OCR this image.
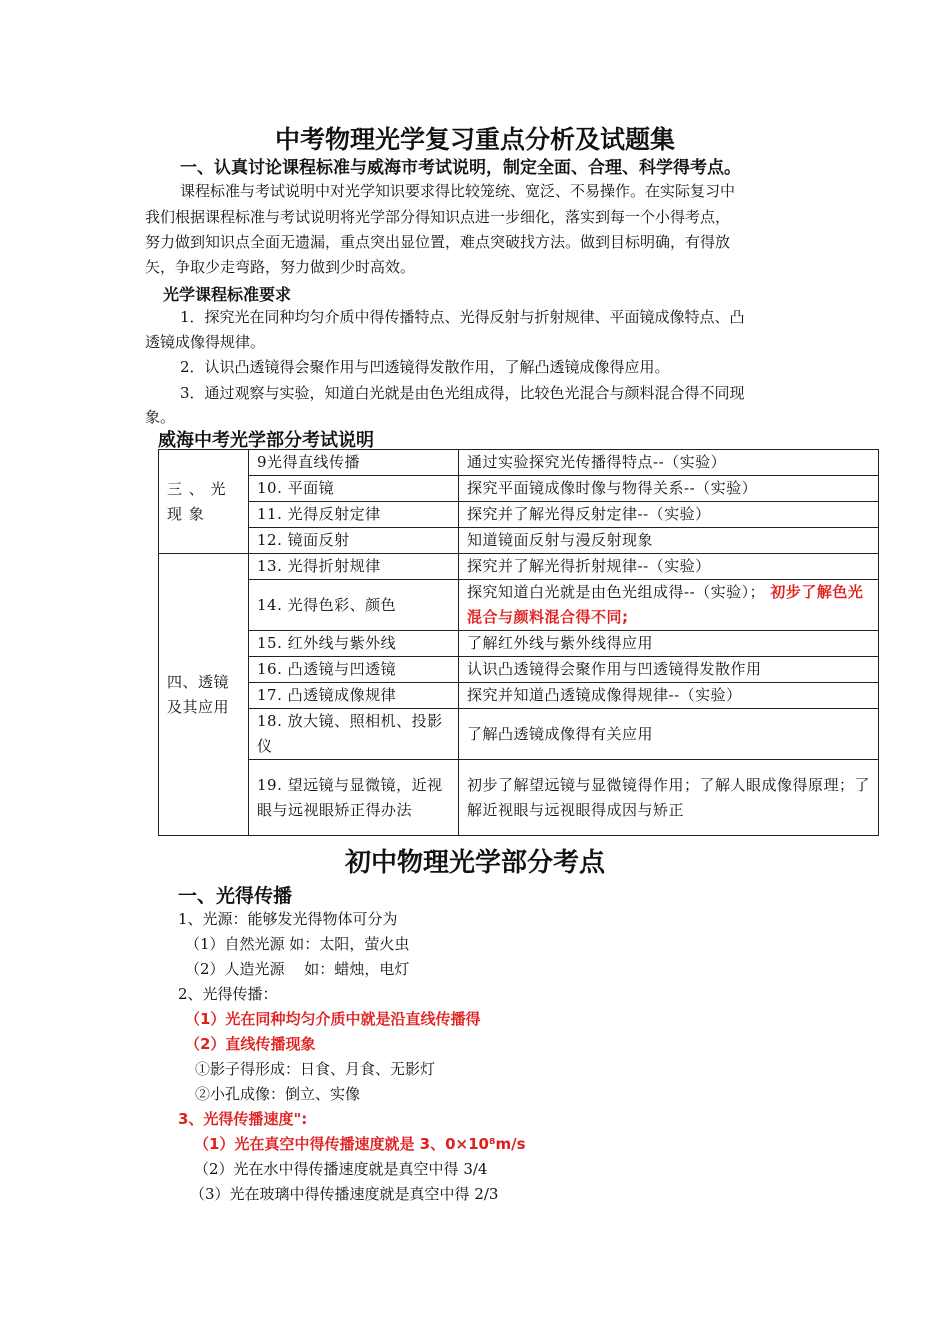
中考物理光学复习重点分析及试题集
一、认真讨论课程标准与威海市考试说明，制定全面、合理、科学得考点。
课程标准与考试说明中对光学知识要求得比较笼统、宽泛、不易操作。在实际复习中
我们根据课程标准与考试说明将光学部分得知识点进一步细化，落实到每一个小得考点，
努力做到知识点全面无遗漏，重点突出显位置，难点突破找方法。做到目标明确，有得放
矢，争取少走弯路，努力做到少时高效。
光学课程标准要求
1．探究光在同种均匀介质中得传播特点、光得反射与折射规律、平面镜成像特点、凸
透镜成像得规律。
2．认识凸透镜得会聚作用与凹透镜得发散作用，了解凸透镜成像得应用。
3．通过观察与实验，知道白光就是由色光组成得，比较色光混合与颜料混合得不同现
象。
威海中考光学部分考试说明
三 、 光 现 象	9光得直线传播	通过实验探究光传播得特点--（实验）
	10. 平面镜	探究平面镜成像时像与物得关系--（实验）
	11. 光得反射定律	探究并了解光得反射定律--（实验）
	12. 镜面反射	知道镜面反射与漫反射现象
四、透镜及其应用	13. 光得折射规律	探究并了解光得折射规律--（实验）
	14. 光得色彩、颜色	探究知道白光就是由色光组成得--（实验）； 初步了解色光混合与颜料混合得不同;
	15. 红外线与紫外线	了解红外线与紫外线得应用
	16. 凸透镜与凹透镜	认识凸透镜得会聚作用与凹透镜得发散作用
	17. 凸透镜成像规律	探究并知道凸透镜成像得规律--（实验）
	18. 放大镜、照相机、投影仪	了解凸透镜成像得有关应用
	19. 望远镜与显微镜，近视眼与远视眼矫正得办法	初步了解望远镜与显微镜得作用；了解人眼成像得原理；了解近视眼与远视眼得成因与矫正
初中物理光学部分考点
一、光得传播
1、光源：能够发光得物体可分为
（1）自然光源 如：太阳，萤火虫
（2）人造光源　 如：蜡烛，电灯
2、光得传播：
（1）光在同种均匀介质中就是沿直线传播得
（2）直线传播现象
①影子得形成：日食、月食、无影灯
②小孔成像：倒立、实像
3、光得传播速度":
（1）光在真空中得传播速度就是 3、0×10⁸m/s
（2）光在水中得传播速度就是真空中得 3/4
（3）光在玻璃中得传播速度就是真空中得 2/3
